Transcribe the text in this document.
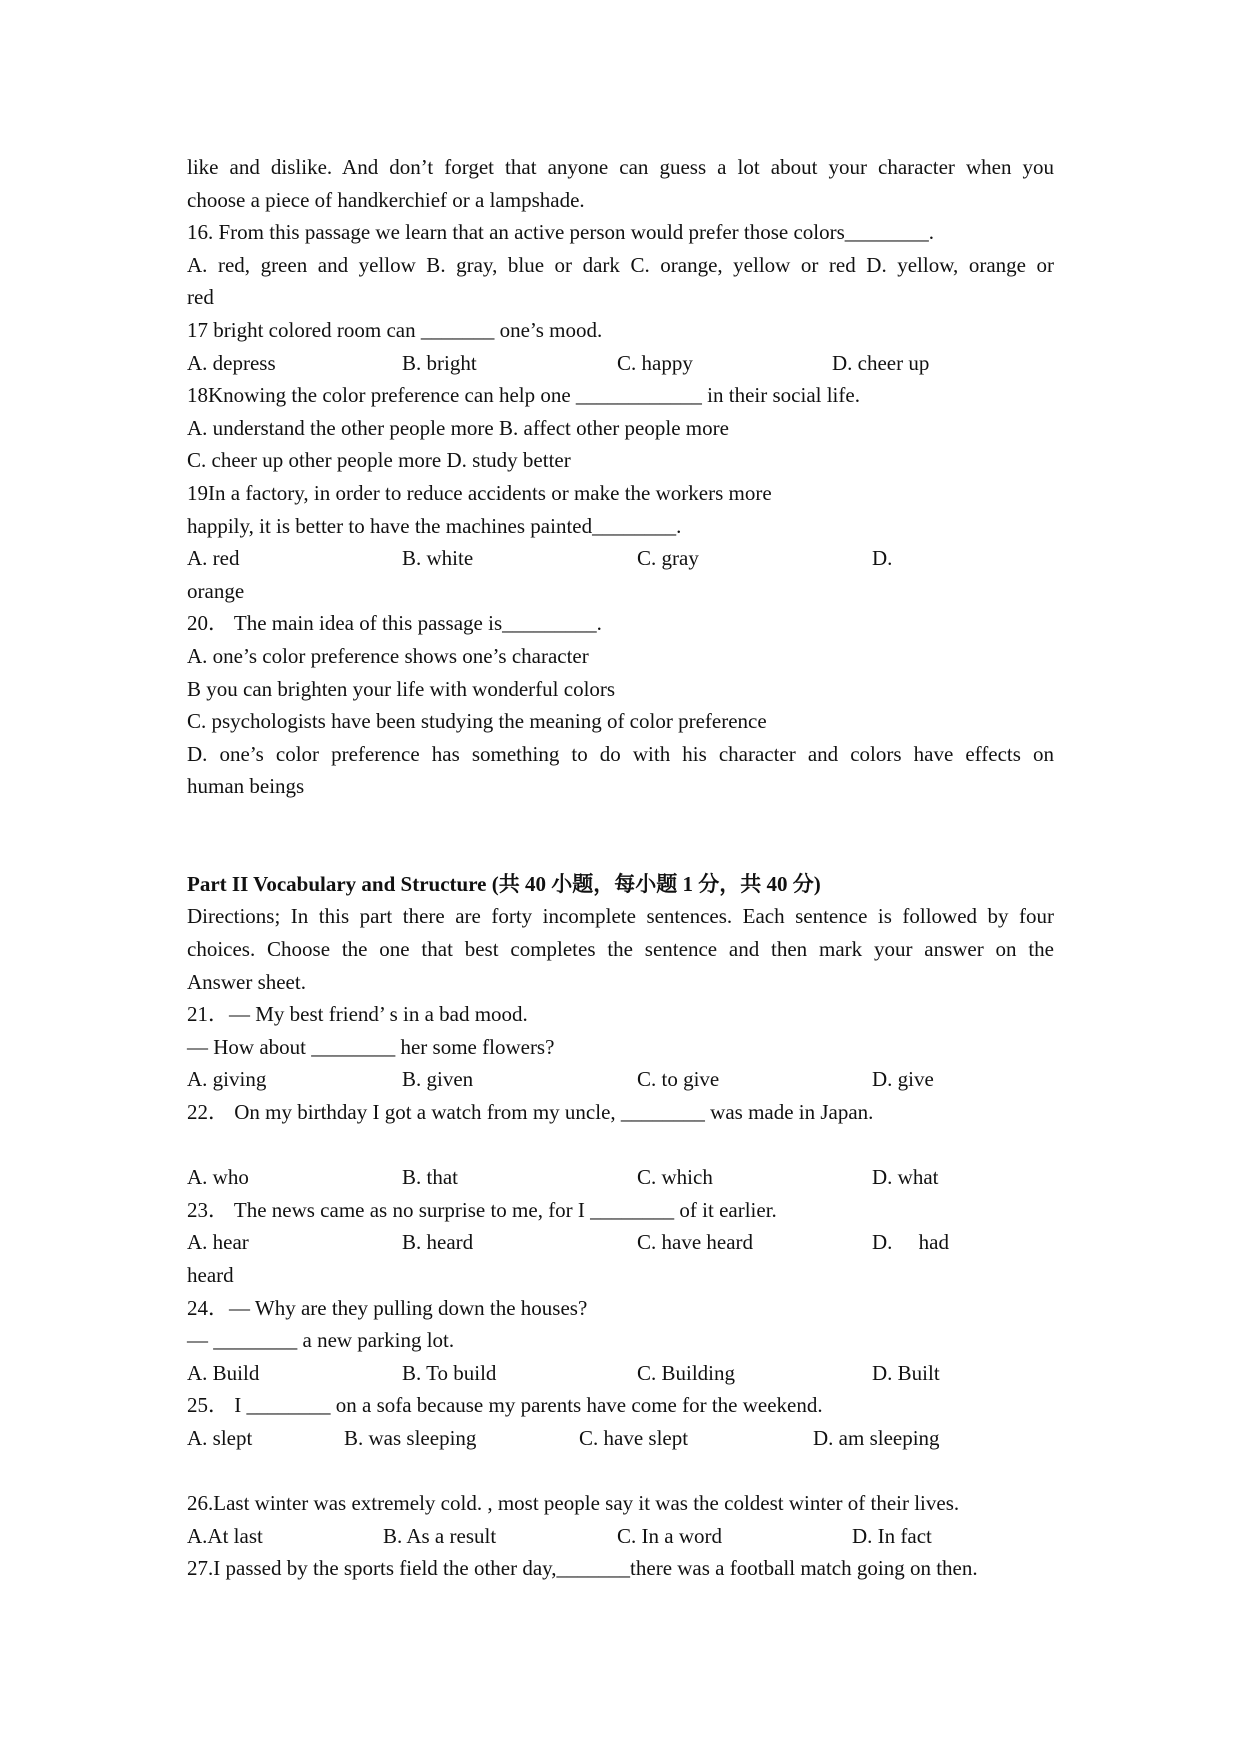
like and dislike. And don’t forget that anyone can guess a lot about your character when you
choose a piece of handkerchief or a lampshade.
16. From this passage we learn that an active person would prefer those colors________.
A. red, green and yellow B. gray, blue or dark C. orange, yellow or red D. yellow, orange or
red
17 bright colored room can _______ one’s mood.
A. depress	B. bright	C. happy	D. cheer up
18Knowing the color preference can help one ____________ in their social life.
A. understand the other people more B. affect other people more
C. cheer up other people more D. study better
19In a factory, in order to reduce accidents or make the workers more
happily, it is better to have the machines painted________.
A. red	B. white	C. gray	D.
orange
20． The main idea of this passage is_________.
A. one’s color preference shows one’s character
B you can brighten your life with wonderful colors
C. psychologists have been studying the meaning of color preference
D. one’s color preference has something to do with his character and colors have effects on
human beings
Part II Vocabulary and Structure (共 40 小题，每小题 1 分，共 40 分)
Directions; In this part there are forty incomplete sentences. Each sentence is followed by four
choices. Choose the one that best completes the sentence and then mark your answer on the
Answer sheet.
21．— My best friend’ s in a bad mood.
— How about ________ her some flowers?
A. giving	B. given	C. to give	D. give
22． On my birthday I got a watch from my uncle, ________ was made in Japan.
A. who	B. that	C. which	D. what
23． The news came as no surprise to me, for I ________ of it earlier.
A. hear	B. heard	C. have heard	D.     had
heard
24．— Why are they pulling down the houses?
— ________ a new parking lot.
A. Build	B. To build	C. Building	D. Built
25． I ________ on a sofa because my parents have come for the weekend.
A. slept	B. was sleeping	C. have slept	D. am sleeping
26.Last winter was extremely cold. , most people say it was the coldest winter of their lives.
A.At last	B. As a result	C. In a word	D. In fact
27.I passed by the sports field the other day,_______there was a football match going on then.
